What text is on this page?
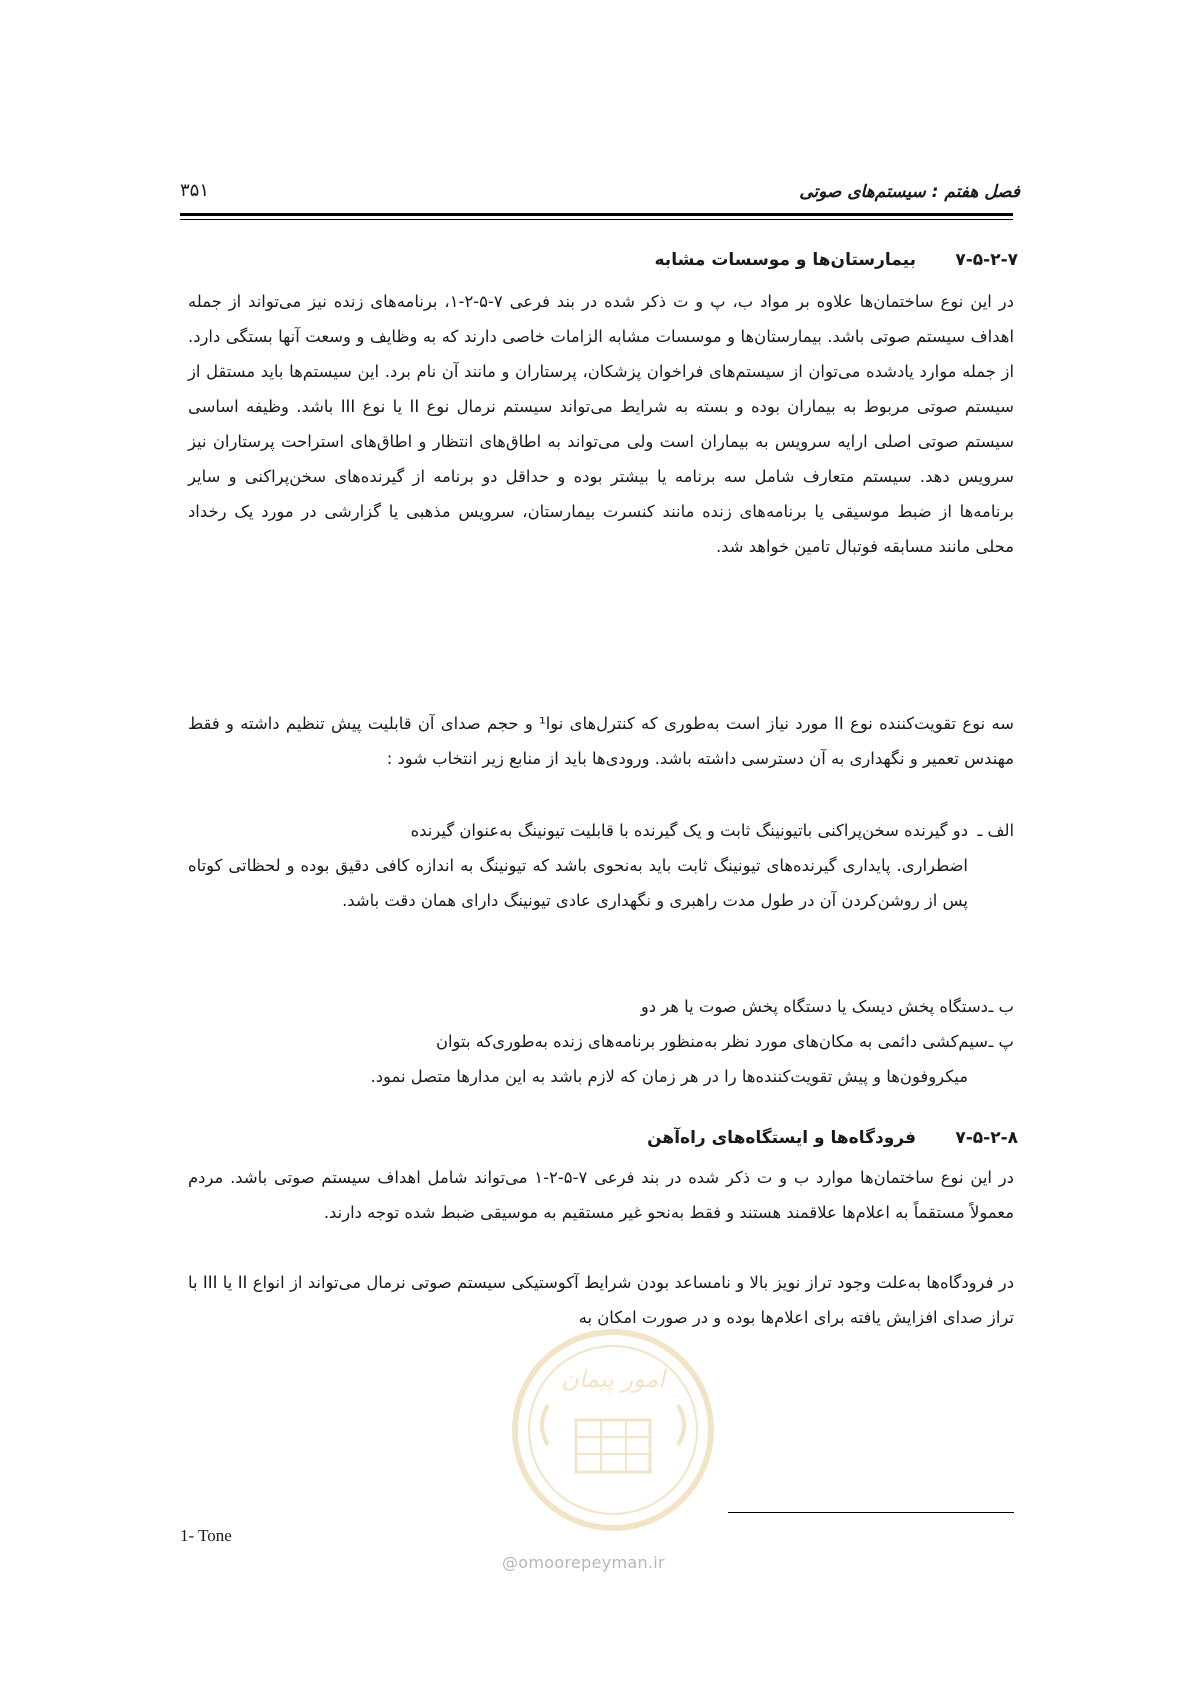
فصل هفتم : سیستم‌های صوتی
۳۵۱
۷-۵-۲-۷
بیمارستان‌ها و موسسات مشابه

در این نوع ساختمان‌ها علاوه بر مواد ب، پ و ت ذکر شده در بند فرعی ۷-۵-۲-۱، برنامه‌های زنده نیز می‌تواند از جمله اهداف سیستم صوتی باشد. بیمارستان‌ها و موسسات مشابه الزامات خاصی دارند که به وظایف و وسعت آنها بستگی دارد. از جمله موارد یادشده می‌توان از سیستم‌های فراخوان پزشکان، پرستاران و مانند آن نام برد. این سیستم‌ها باید مستقل از سیستم صوتی مربوط به بیماران بوده و بسته به شرایط می‌تواند سیستم نرمال نوع II یا نوع III باشد. وظیفه اساسی سیستم صوتی اصلی ارایه سرویس به بیماران است ولی می‌تواند به اطاق‌های انتظار و اطاق‌های استراحت پرستاران نیز سرویس دهد. سیستم متعارف شامل سه برنامه یا بیشتر بوده و حداقل دو برنامه از گیرنده‌های سخن‌پراکنی و سایر برنامه‌ها از ضبط موسیقی یا برنامه‌های زنده مانند کنسرت بیمارستان، سرویس مذهبی یا گزارشی در مورد یک رخداد محلی مانند مسابقه فوتبال تامین خواهد شد.

سه نوع تقویت‌کننده نوع II مورد نیاز است به‌طوری که کنترل‌های نوا¹ و حجم صدای آن قابلیت پیش تنظیم داشته و فقط مهندس تعمیر و نگهداری به آن دسترسی داشته باشد. ورودی‌ها باید از منابع زیر انتخاب شود :

الف ـ

دو گیرنده سخن‌پراکنی باتیونینگ ثابت و یک گیرنده با قابلیت تیونینگ به‌عنوان گیرنده

اضطراری. پایداری گیرنده‌های تیونینگ ثابت باید به‌نحوی باشد که تیونینگ به اندازه کافی دقیق بوده و لحظاتی کوتاه پس از روشن‌کردن آن در طول مدت راهبری و نگهداری عادی تیونینگ دارای همان دقت باشد.

ب ـ

دستگاه پخش دیسک یا دستگاه پخش صوت یا هر دو

پ ـ

سیم‌کشی دائمی به مکان‌های مورد نظر به‌منظور برنامه‌های زنده به‌طوری‌که بتوان

میکروفون‌ها و پیش تقویت‌کننده‌ها را در هر زمان که لازم باشد به این مدارها متصل نمود.

۷-۵-۲-۸
فرودگاه‌ها و ایستگاه‌های راه‌آهن

در این نوع ساختمان‌ها موارد ب و ت ذکر شده در بند فرعی ۷-۵-۲-۱ می‌تواند شامل اهداف سیستم صوتی باشد. مردم معمولاً مستقماً به اعلام‌ها علاقمند هستند و فقط به‌نحو غیر مستقیم به موسیقی ضبط شده توجه دارند.

در فرودگاه‌ها به‌علت وجود تراز نویز بالا و نامساعد بودن شرایط آکوستیکی سیستم صوتی نرمال می‌تواند از انواع II یا III با تراز صدای افزایش یافته برای اعلام‌ها بوده و در صورت امکان به

1- Tone
امور پیمان
@omoorepeyman.ir
